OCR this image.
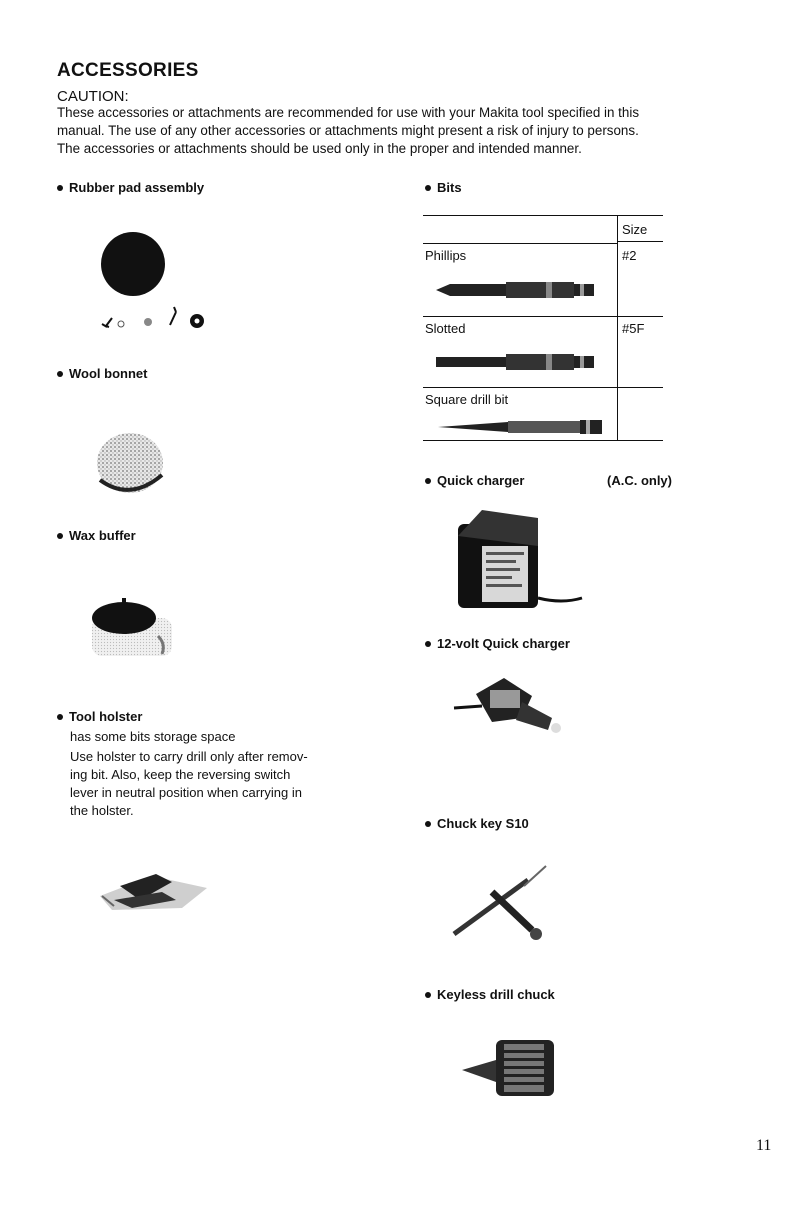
ACCESSORIES
CAUTION:
These accessories or attachments are recommended for use with your Makita tool specified in this
manual. The use of any other accessories or attachments might present a risk of injury to persons.
The accessories or attachments should be used only in the proper and intended manner.
Rubber pad assembly
Wool bonnet
Wax buffer
Tool holster
has some bits storage space
Use holster to carry drill only after remov-
ing bit. Also, keep the reversing switch
lever in neutral position when carrying in
the holster.
Bits
Size
Phillips	#2
Slotted	#5F
Square drill bit
Quick charger	(A.C. only)
12-volt Quick charger
Chuck key S10
Keyless drill chuck
11
